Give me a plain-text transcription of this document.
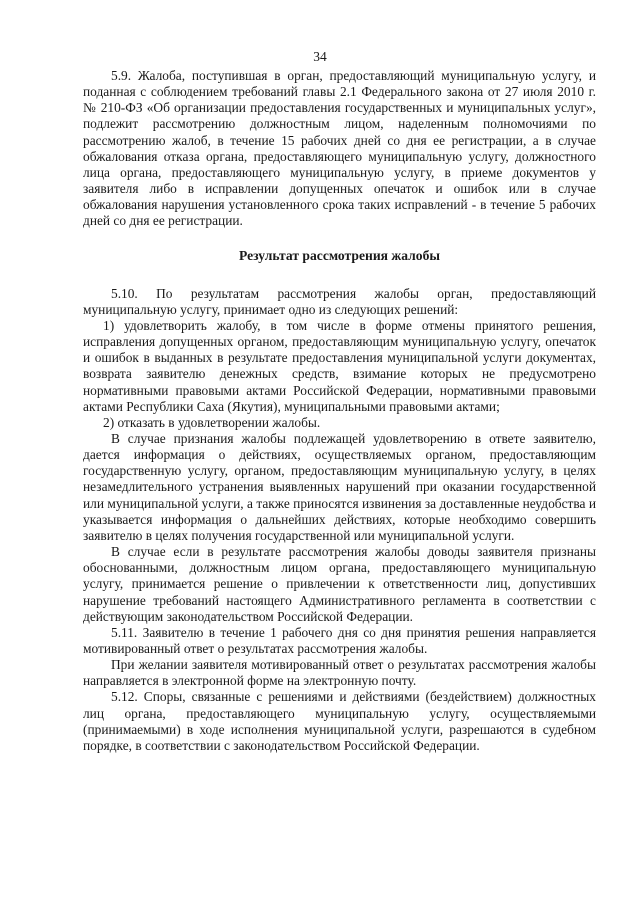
34

5.9. Жалоба, поступившая в орган, предоставляющий муниципальную услугу, и поданная с соблюдением требований главы 2.1 Федерального закона от 27 июля 2010 г. № 210-ФЗ «Об организации предоставления государственных и муниципальных услуг», подлежит рассмотрению должностным лицом, наделенным полномочиями по рассмотрению жалоб, в течение 15 рабочих дней со дня ее регистрации, а в случае обжалования отказа органа, предоставляющего муниципальную услугу, должностного лица органа, предоставляющего муниципальную услугу, в приеме документов у заявителя либо в исправлении допущенных опечаток и ошибок или в случае обжалования нарушения установленного срока таких исправлений - в течение 5 рабочих дней со дня ее регистрации.

Результат рассмотрения жалобы

5.10. По результатам рассмотрения жалобы орган, предоставляющий муниципальную услугу, принимает одно из следующих решений:

1) удовлетворить жалобу, в том числе в форме отмены принятого решения, исправления допущенных органом, предоставляющим муниципальную услугу, опечаток и ошибок в выданных в результате предоставления муниципальной услуги документах, возврата заявителю денежных средств, взимание которых не предусмотрено нормативными правовыми актами Российской Федерации, нормативными правовыми актами Республики Саха (Якутия), муниципальными правовыми актами;

2) отказать в удовлетворении жалобы.

В случае признания жалобы подлежащей удовлетворению в ответе заявителю, дается информация о действиях, осуществляемых органом, предоставляющим государственную услугу, органом, предоставляющим муниципальную услугу, в целях незамедлительного устранения выявленных нарушений при оказании государственной или муниципальной услуги, а также приносятся извинения за доставленные неудобства и указывается информация о дальнейших действиях, которые необходимо совершить заявителю в целях получения государственной или муниципальной услуги.

В случае если в результате рассмотрения жалобы доводы заявителя признаны обоснованными, должностным лицом органа, предоставляющего муниципальную услугу, принимается решение о привлечении к ответственности лиц, допустивших нарушение требований настоящего Административного регламента в соответствии с действующим законодательством Российской Федерации.

5.11. Заявителю в течение 1 рабочего дня со дня принятия решения направляется мотивированный ответ о результатах рассмотрения жалобы.

При желании заявителя мотивированный ответ о результатах рассмотрения жалобы направляется в электронной форме на электронную почту.

5.12. Споры, связанные с решениями и действиями (бездействием) должностных лиц органа, предоставляющего муниципальную услугу, осуществляемыми (принимаемыми) в ходе исполнения муниципальной услуги, разрешаются в судебном порядке, в соответствии с законодательством Российской Федерации.
